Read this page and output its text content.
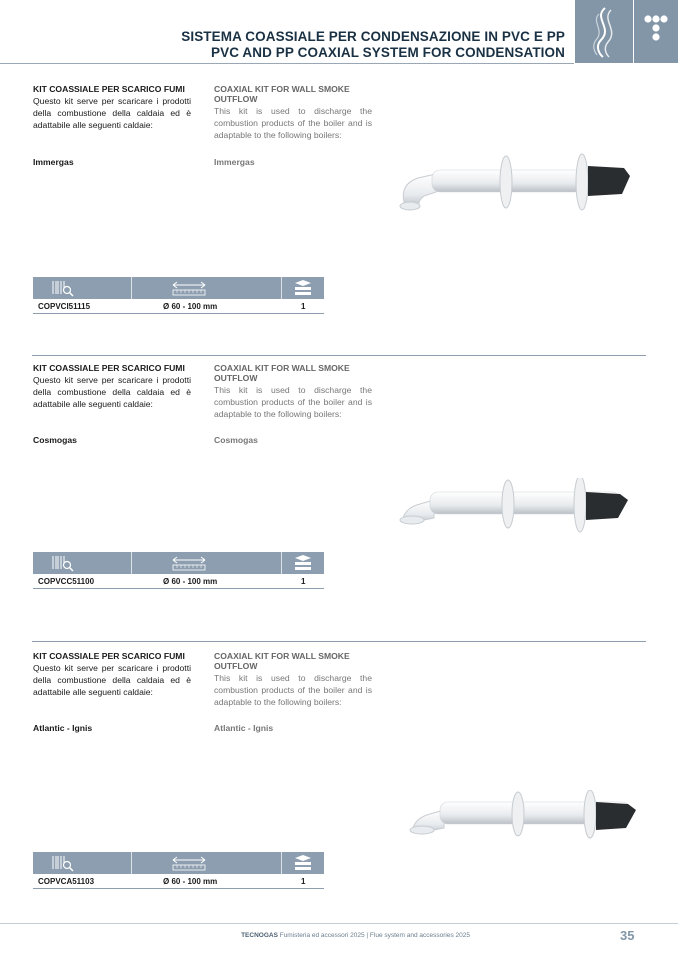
SISTEMA COASSIALE PER CONDENSAZIONE IN PVC E PP
PVC AND PP COAXIAL SYSTEM FOR CONDENSATION
KIT COASSIALE PER SCARICO FUMI
Questo kit serve per scaricare i prodotti della combustione della caldaia ed è adattabile alle seguenti caldaie:
COAXIAL KIT FOR WALL SMOKE OUTFLOW
This kit is used to discharge the combustion products of the boiler and is adaptable to the following boilers:
Immergas	Immergas
COPVCI51115	Ø 60 - 100 mm	1
KIT COASSIALE PER SCARICO FUMI
Questo kit serve per scaricare i prodotti della combustione della caldaia ed è adattabile alle seguenti caldaie:
COAXIAL KIT FOR WALL SMOKE OUTFLOW
This kit is used to discharge the combustion products of the boiler and is adaptable to the following boilers:
Cosmogas	Cosmogas
COPVCC51100	Ø 60 - 100 mm	1
KIT COASSIALE PER SCARICO FUMI
Questo kit serve per scaricare i prodotti della combustione della caldaia ed è adattabile alle seguenti caldaie:
COAXIAL KIT FOR WALL SMOKE OUTFLOW
This kit is used to discharge the combustion products of the boiler and is adaptable to the following boilers:
Atlantic - Ignis	Atlantic - Ignis
COPVCA51103	Ø 60 - 100 mm	1
TECNOGAS Fumisteria ed accessori 2025 | Flue system and accessories 2025	35
